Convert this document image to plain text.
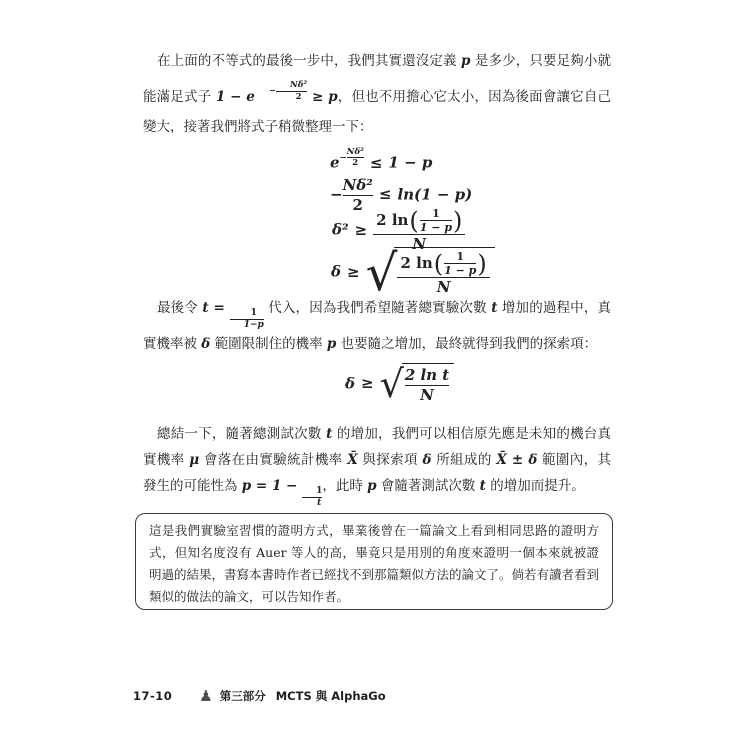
在上面的不等式的最後一步中，我們其實還沒定義 p 是多少，只要足夠小就能滿足式子 1 − e	− $\frac{\text{Nδ²}}{2} \ge p$，但也不用擔心它太小，因為後面會讓它自己變大，接著我們將式子稍微整理一下：

$e - \frac{\text{Nδ²}}{2} \le 1 - p$
− $\frac{\text{Nδ²}}{2} \le \ln(1 - p)$
$\delta^2 \ge \frac{2 \ln ( \frac{1}{1 - p} )}{N}$
δ ≥ √ $\frac{2 \ln ( \frac{1}{1 - p} )}{N}$

最後令 t =
$\frac{1}{1-p}$
代入，因為我們希望隨著總實驗次數 t 增加的過程中，真實機率被 δ 範圍限制住的機率 p 也要隨之增加，最終就得到我們的探索項：

δ ≥ √ $\frac{\text{2 ln t}}{N}$

總結一下，隨著總測試次數 t 的增加，我們可以相信原先應是未知的機台真實機率 μ 會落在由實驗統計機率 X̄ 與探索項 δ 所組成的 X̄ ± δ 範圍內，其發生的可能性為 p = 1 −
$\frac{1}{t}$
，此時 p 會隨著測試次數 t 的增加而提升。

這是我們實驗室習慣的證明方式，畢業後曾在一篇論文上看到相同思路的證明方式，但知名度沒有 Auer 等人的高，畢竟只是用別的角度來證明一個本來就被證明過的結果，書寫本書時作者已經找不到那篇類似方法的論文了。倘若有讀者看到類似的做法的論文，可以告知作者。

17-10 ♟ 第三部分 MCTS 與 AlphaGo
